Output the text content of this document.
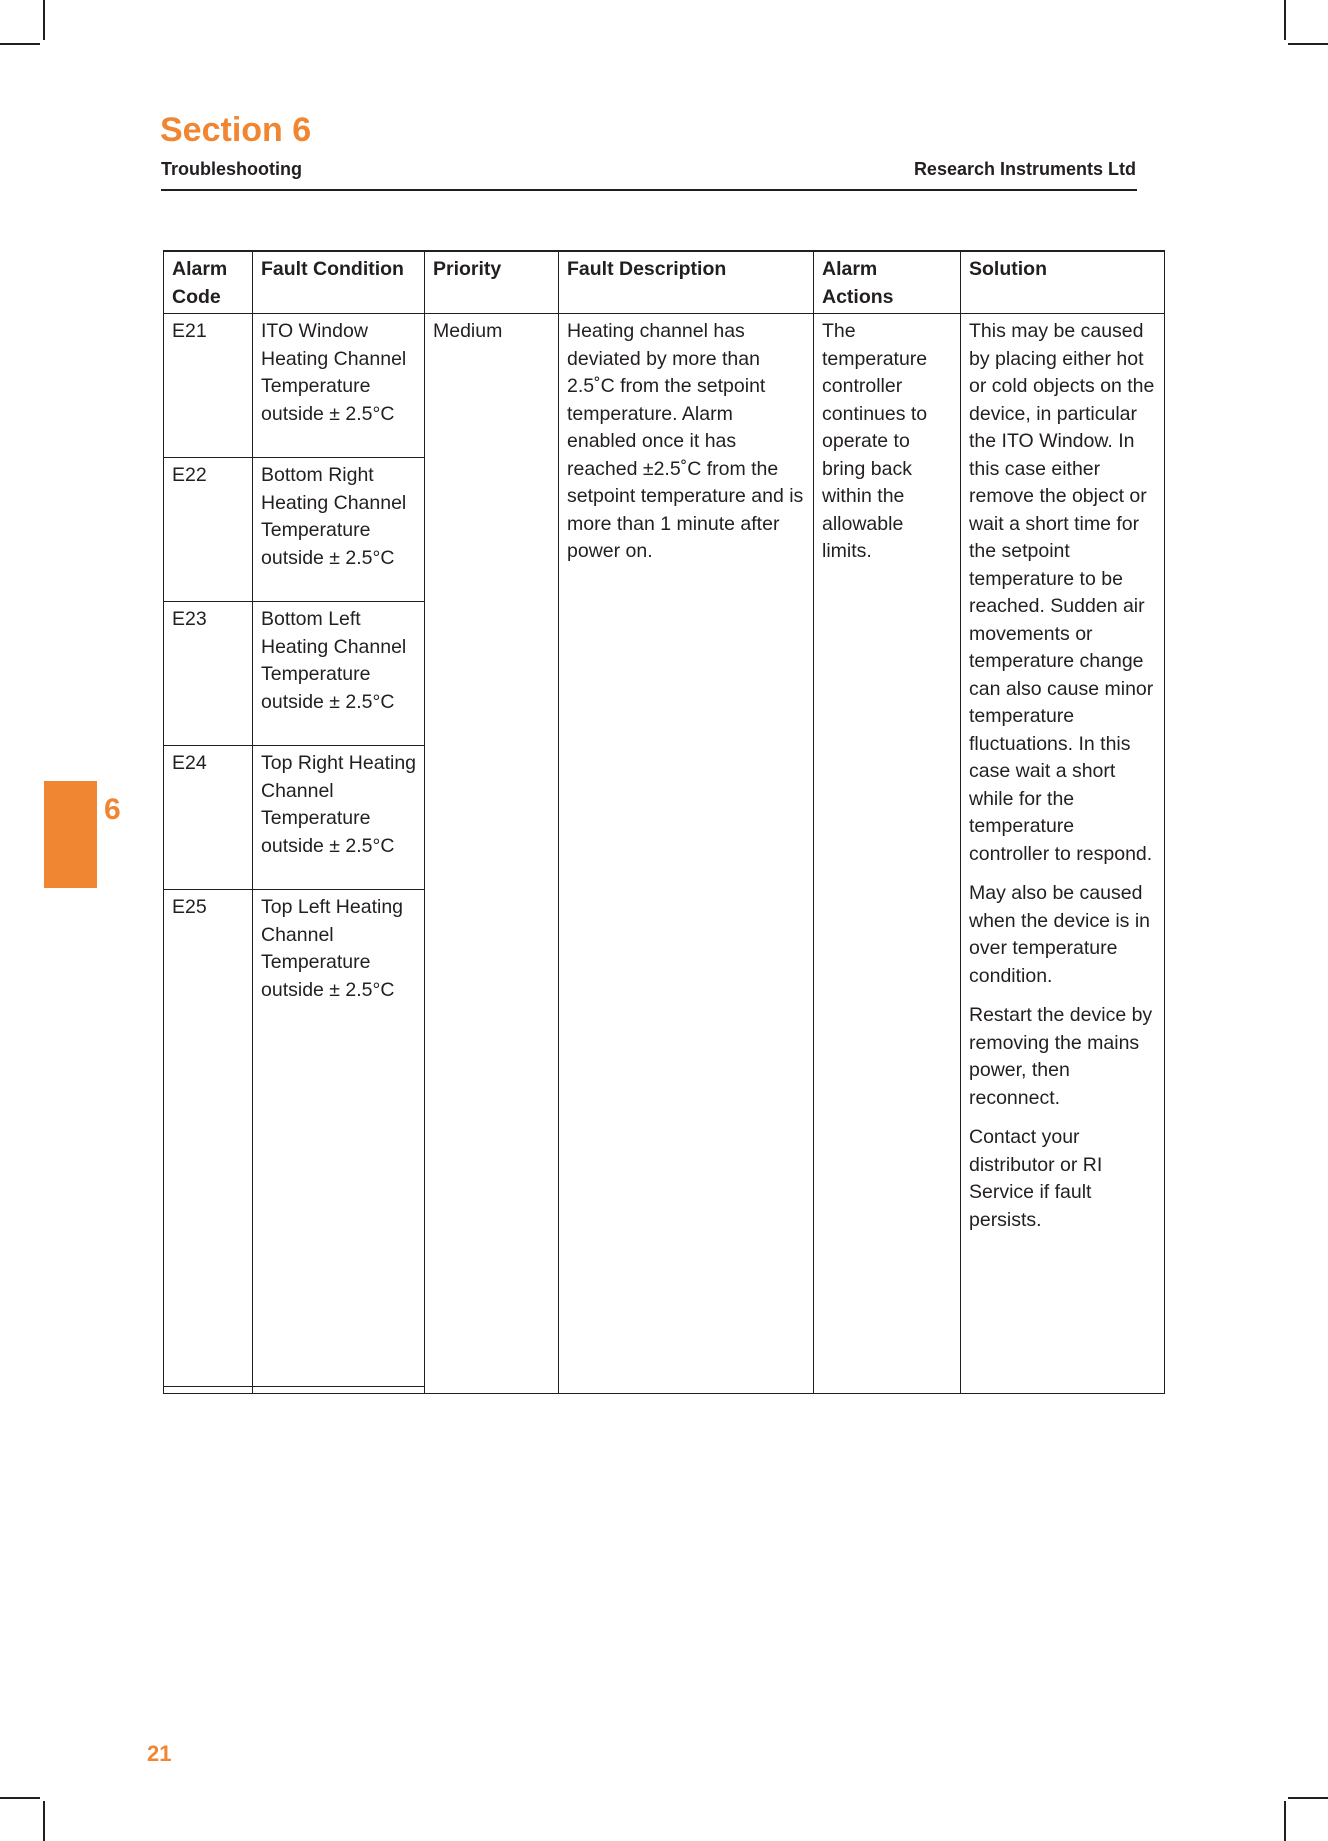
Section 6
Troubleshooting	Research Instruments Ltd
6
Alarm Code	Fault Condition	Priority	Fault Description	Alarm Actions	Solution
E21	ITO Window Heating Channel Temperature outside ± 2.5°C	Medium	Heating channel has deviated by more than 2.5˚C from the setpoint temperature. Alarm enabled once it has reached ±2.5˚C from the setpoint temperature and is more than 1 minute after power on.	The temperature controller continues to operate to bring back within the allowable limits.	This may be caused by placing either hot or cold objects on the device, in particular the ITO Window. In this case either remove the object or wait a short time for the setpoint temperature to be reached. Sudden air movements or temperature change can also cause minor temperature fluctuations. In this case wait a short while for the temperature controller to respond.

May also be caused when the device is in over temperature condition.

Restart the device by removing the mains power, then reconnect.

Contact your distributor or RI Service if fault persists.

E22	Bottom Right Heating Channel Temperature outside ± 2.5°C				
E23	Bottom Left Heating Channel Temperature outside ± 2.5°C				
E24	Top Right Heating Channel Temperature outside ± 2.5°C				
E25	Top Left Heating Channel Temperature outside ± 2.5°C				

21
